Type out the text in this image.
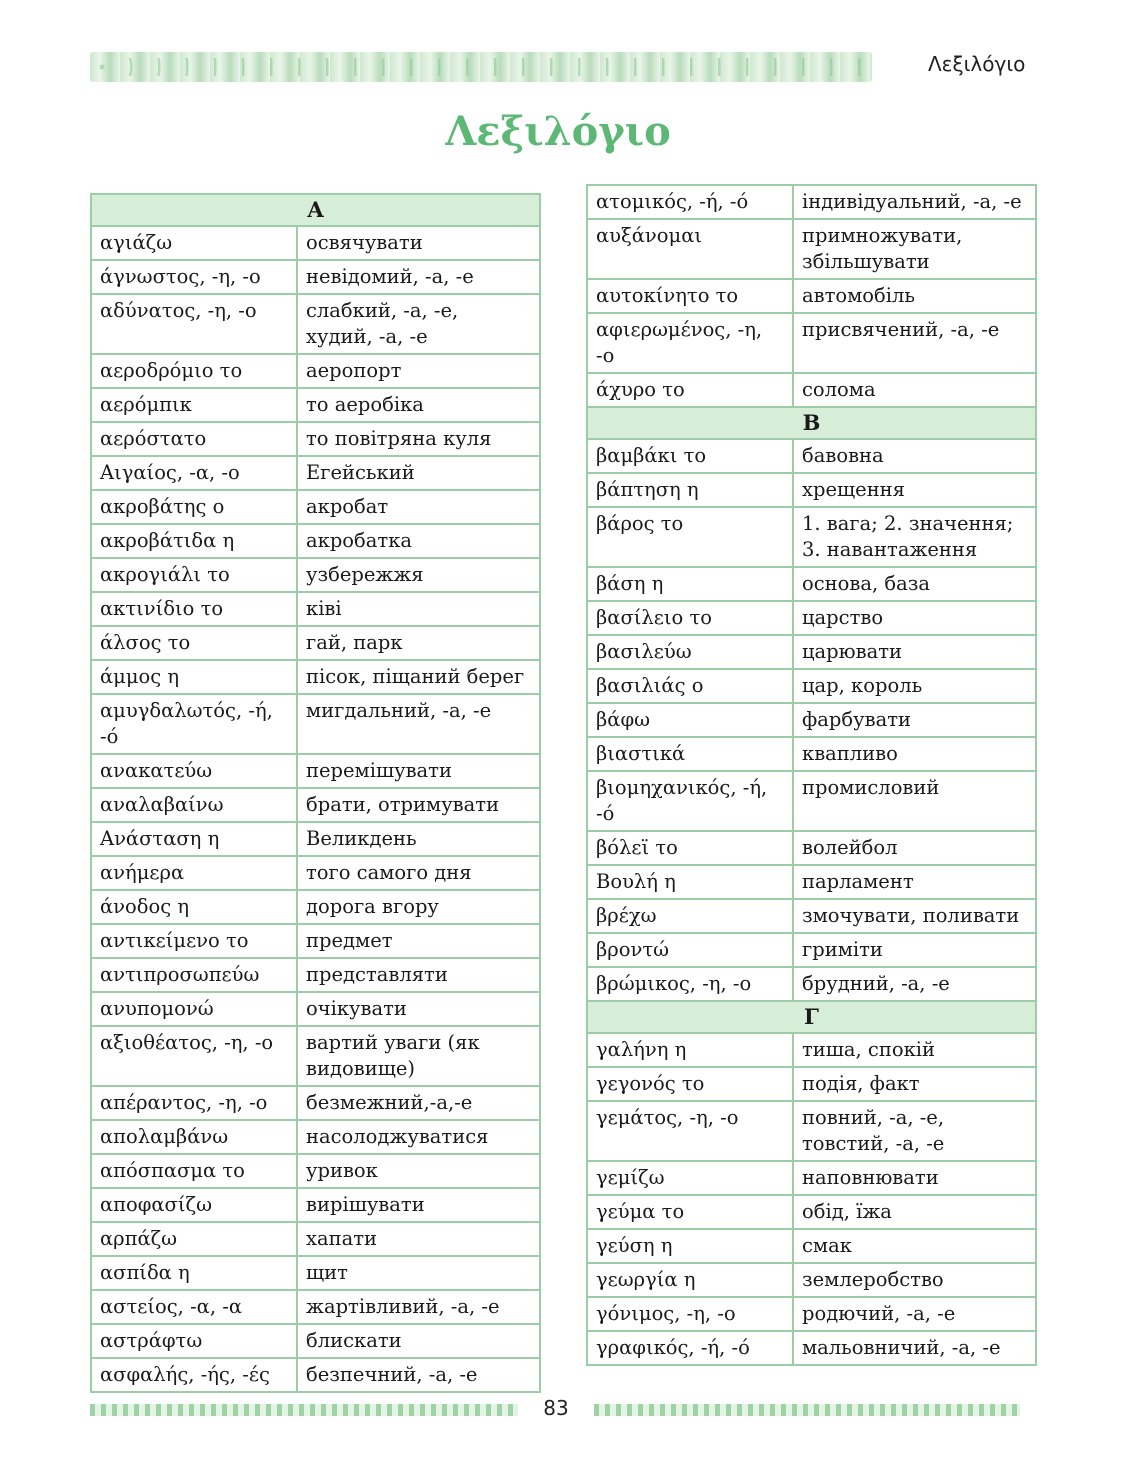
Λεξιλόγιο
Λεξιλόγιο
A	
αγιάζω	освячувати
άγνωστος, -η, -ο	невідомий, -а, -е
αδύνατος, -η, -ο	слабкий, -а, -е, худий, -а, -е
αεροδρόμιο το	аеропорт
αερόμπικ	то аеробіка
αερόστατο	то повітряна куля
Αιγαίος, -α, -ο	Егейський
ακροβάτης ο	акробат
ακροβάτιδα η	акробатка
ακρογιάλι το	узбережжя
ακτινίδιο το	ківі
άλσος το	гай, парк
άμμος η	пісок, піщаний берег
αμυγδαλωτός, -ή, -ό	мигдальний, -а, -е
ανακατεύω	перемішувати
αναλαβαίνω	брати, отримувати
Ανάσταση η	Великдень
ανήμερα	того самого дня
άνοδος η	дорога вгору
αντικείμενο το	предмет
αντιπροσωπεύω	представляти
ανυπομονώ	очікувати
αξιοθέατος, -η, -ο	вартий уваги (як видовище)
απέραντος, -η, -ο	безмежний,-а,-е
απολαμβάνω	насолоджуватися
απόσπασμα το	уривок
αποφασίζω	вирішувати
αρπάζω	хапати
ασπίδα η	щит
αστείος, -α, -α	жартівливий, -а, -е
αστράφτω	блискати
ασφαλής, -ής, -ές	безпечний, -а, -е
ατομικός, -ή, -ό	індивідуальний, -а, -е
αυξάνομαι	примножувати, збільшувати
αυτοκίνητο το	автомобіль
αφιερωμένος, -η, -ο	присвячений, -а, -е
άχυρο το	солома
B	
βαμβάκι το	бавовна
βάπτηση η	хрещення
βάρος το	1. вага; 2. значення; 3. навантаження
βάση η	основа, база
βασίλειο το	царство
βασιλεύω	царювати
βασιλιάς ο	цар, король
βάφω	фарбувати
βιαστικά	квапливо
βιομηχανικός, -ή, -ό	промисловий
βόλεϊ το	волейбол
Βουλή η	парламент
βρέχω	змочувати, поливати
βροντώ	гриміти
βρώμικος, -η, -ο	брудний, -а, -е
Γ	
γαλήνη η	тиша, спокій
γεγονός το	подія, факт
γεμάτος, -η, -ο	повний, -а, -е, товстий, -а, -е
γεμίζω	наповнювати
γεύμα το	обід, їжа
γεύση η	смак
γεωργία η	землеробство
γόνιμος, -η, -ο	родючий, -а, -е
γραφικός, -ή, -ό	мальовничий, -а, -е
83
